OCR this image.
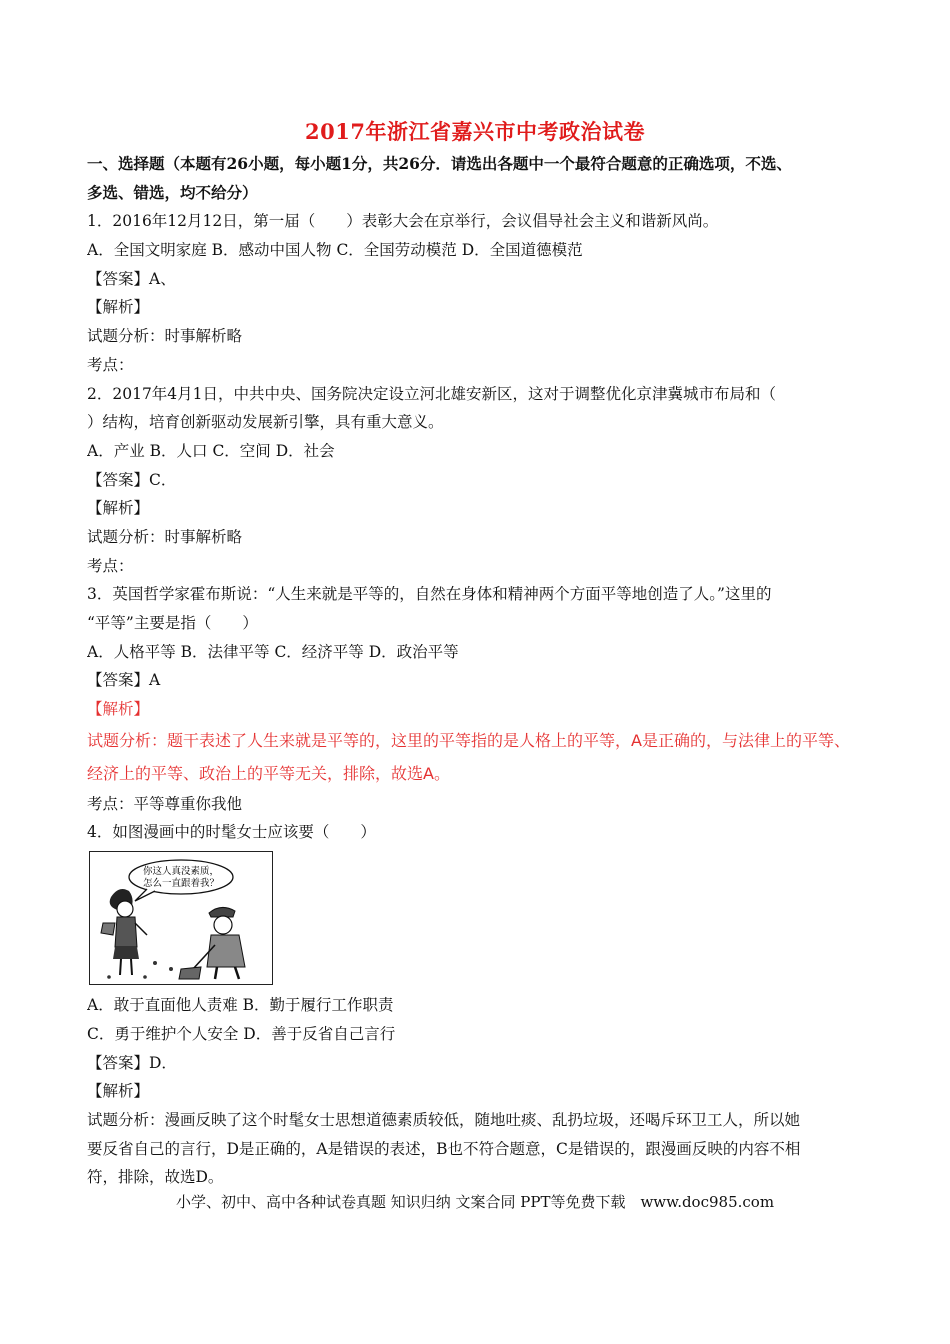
2017年浙江省嘉兴市中考政治试卷
一、选择题（本题有26小题，每小题1分，共26分．请选出各题中一个最符合题意的正确选项，不选、
多选、错选，均不给分）
1．2016年12月12日，第一届（　　）表彰大会在京举行，会议倡导社会主义和谐新风尚。
A．全国文明家庭 B．感动中国人物 C．全国劳动模范 D．全国道德模范
【答案】A、
【解析】
试题分析：时事解析略
考点：
2．2017年4月1日，中共中央、国务院决定设立河北雄安新区，这对于调整优化京津冀城市布局和（
）结构，培育创新驱动发展新引擎，具有重大意义。
A．产业 B．人口 C．空间 D．社会
【答案】C．
【解析】
试题分析：时事解析略
考点：
3．英国哲学家霍布斯说：“人生来就是平等的，自然在身体和精神两个方面平等地创造了人。”这里的
“平等”主要是指（　　）
A．人格平等 B．法律平等 C．经济平等 D．政治平等
【答案】A
【解析】
试题分析：题干表述了人生来就是平等的，这里的平等指的是人格上的平等，A是正确的，与法律上的平等、
经济上的平等、政治上的平等无关，排除，故选A。
考点：平等尊重你我他
4．如图漫画中的时髦女士应该要（　　）
你这人真没素质，
怎么一直跟着我？
A．敢于直面他人责难 B．勤于履行工作职责
C．勇于维护个人安全 D．善于反省自己言行
【答案】D．
【解析】
试题分析：漫画反映了这个时髦女士思想道德素质较低，随地吐痰、乱扔垃圾，还喝斥环卫工人，所以她
要反省自己的言行，D是正确的，A是错误的表述，B也不符合题意，C是错误的，跟漫画反映的内容不相
符，排除，故选D。
小学、初中、高中各种试卷真题 知识归纳 文案合同 PPT等免费下载　www.doc985.com
